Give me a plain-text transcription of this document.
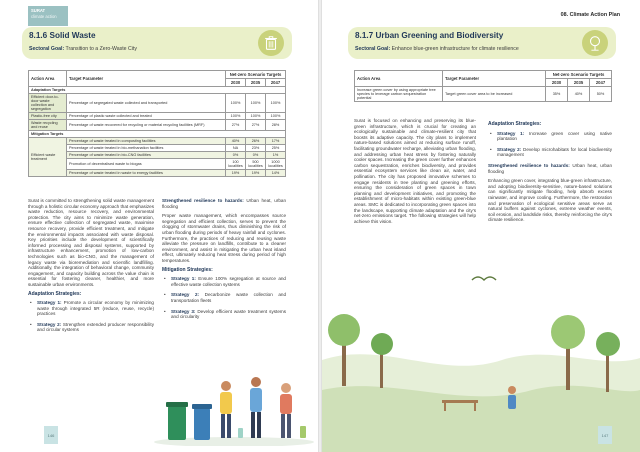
SURAT
climate action
8.1.6 Solid Waste
Sectoral Goal: Transition to a Zero-Waste City
Action Area	Target Parameter	Net-zero Scenario Targets		
		2030	2035	2047
Adaptation Targets				
Efficient door-to-door waste collection and segregation	Percentage of segregated waste collected and transported	100%	100%	100%
Plastic-free city	Percentage of plastic waste collected and treated	100%	100%	100%
Waste recycling and reuse	Percentage of waste recovered for recycling or material recycling facilities (MRF)	27%	27%	28%
Mitigation Targets				
Efficient waste treatment	Percentage of waste treated in composting facilities	40%	26%	17%
	Percentage of waste treated in bio-methanation facilities	NA	23%	25%
	Percentage of waste treated in bio-CNG facilities	0%	0%	1%
	Promotion of decentralised waste to biogas	100 localities	500 localities	1000 localities
	Percentage of waste treated in waste to energy facilities	19%	19%	14%

Surat is committed to strengthening solid waste management through a holistic circular economy approach that emphasizes waste reduction, resource recovery, and environmental protection. The city aims to minimize waste generation, ensure effective collection of segregated waste, maximise resource recovery, provide efficient treatment, and mitigate the environmental impacts associated with waste disposal. Key priorities include the development of scientifically informed processing and disposal systems, supported by infrastructure enhancement, promotion of low-carbon technologies such as bio-CNG, and the management of legacy waste via bioremediation and scientific landfilling. Additionally, the integration of behavioral change, community engagement, and capacity building across the value chain is essential for fostering cleaner, healthier, and more sustainable urban environments.

Adaptation Strategies:
• Strategy 1: Promote a circular economy by minimizing waste through integrated 5R (reduce, reuse, recycle) practices
• Strategy 2: Strengthen extended producer responsibility and circular systems

Strengthened resilience to hazards: Urban heat, urban flooding

Proper waste management, which encompasses source segregation and efficient collection, serves to prevent the clogging of stormwater drains, thus diminishing the risk of urban flooding during periods of heavy rainfall and cyclones. Furthermore, the practices of reducing and reusing waste alleviate the pressure on landfills, contribute to a cleaner environment, and assist in mitigating the urban heat island effect, ultimately reducing heat stress during period of high temperatures.

Mitigation Strategies:
• Strategy 1: Ensure 100% segregation at source and effective waste collection systems
• Strategy 2: Decarbonize waste collection and transportation fleets
• Strategy 3: Develop efficient waste treatment systems and circularity
146
08. Climate Action Plan
8.1.7 Urban Greening and Biodiversity
Sectoral Goal: Enhance blue-green infrastructure for climate resilience
Action Area	Target Parameter	Net-zero Scenario Targets		
		2030	2035	2047
Increase green cover by using appropriate tree species to leverage carbon sequestration potential	Target green cover area to be increased	35%	40%	50%

Surat is focused on enhancing and preserving its blue-green infrastructure, which is crucial for creating an ecologically sustainable and climate-resilient city that boosts its adaptive capacity. The city plans to implement nature-based solutions aimed at reducing surface runoff, facilitating groundwater recharge, alleviating urban flooding, and addressing urban heat stress by fostering naturally cooler spaces. Increasing the green cover further enhances carbon sequestration, enriches biodiversity, and provides essential ecosystem services like clean air, water, and pollination. The city has proposed innovative schemes to engage residents in tree planting and greening efforts, ensuring the consideration of green spaces in town planning and development initiatives, and promoting the establishment of micro-habitats within existing green-blue areas. SMC is dedicated to incorporating green spaces into the landscape, supporting climate adaptation and the city's net-zero emissions target. The following strategies will help achieve this vision.

Adaptation Strategies:
• Strategy 1: Increase green cover using native plantation
• Strategy 2: Develop microhabitats for local biodiversity management

Strengthened resilience to hazards: Urban heat, urban flooding

Enhancing green cover, integrating blue-green infrastructure, and adopting biodiversity-sensitive, nature-based solutions can significantly mitigate flooding, help absorb excess rainwater, and improve cooling. Furthermore, the restoration and preservation of ecological sensitive areas serve as natural buffers against cyclones, extreme weather events, soil erosion, and landslide risks, thereby reinforcing the city's climate resilience.

147
